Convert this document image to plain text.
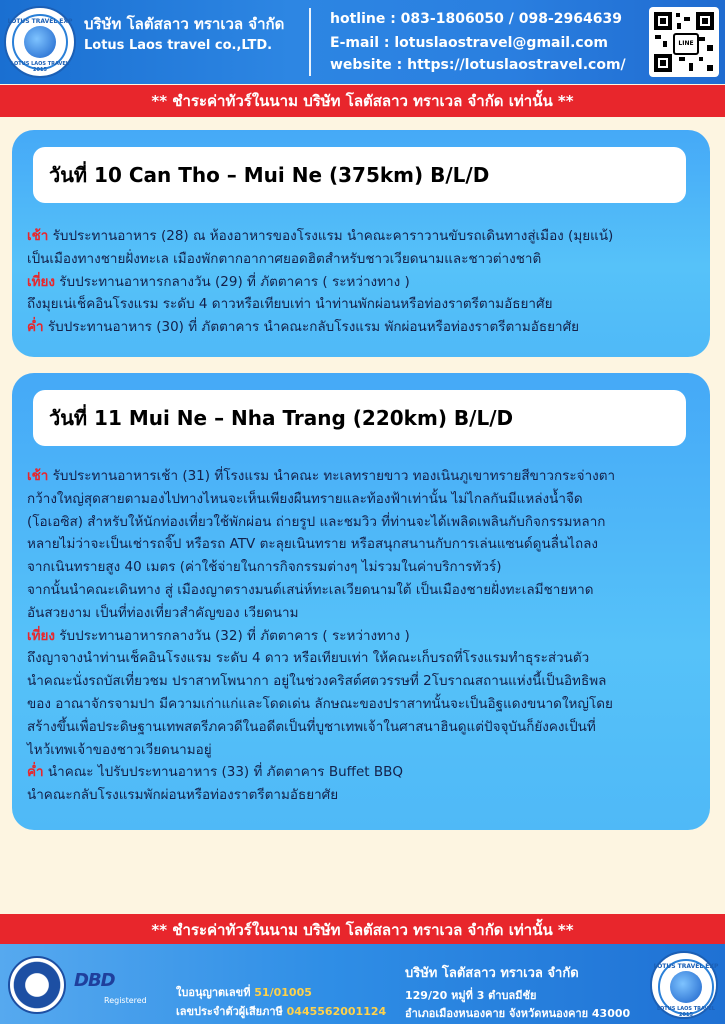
LOTUS TRAVEL EXP
LOTUS LAOS TRAVEL 2015
บริษัท โลตัสลาว ทราเวล จำกัด
Lotus Laos travel co.,LTD.
hotline : 083-1806050 / 098-2964639
E-mail : lotuslaostravel@gmail.com
website : https://lotuslaostravel.com/
LINE
** ชำระค่าทัวร์ในนาม บริษัท โลตัสลาว ทราเวล จำกัด เท่านั้น **
วันที่ 10 Can Tho – Mui Ne (375km) B/L/D

เช้า รับประทานอาหาร (28) ณ ห้องอาหารของโรงแรม นำคณะคาราวานขับรถเดินทางสู่เมือง (มุยแน้)

เป็นเมืองทางชายฝั่งทะเล เมืองพักตากอากาศยอดฮิตสำหรับชาวเวียดนามและชาวต่างชาติ

เที่ยง รับประทานอาหารกลางวัน (29) ที่ ภัตตาคาร ( ระหว่างทาง )

ถึงมุยเน่เช็คอินโรงแรม ระดับ 4 ดาวหรือเทียบเท่า นำท่านพักผ่อนหรือท่องราตรีตามอัธยาศัย

ค่ำ รับประทานอาหาร (30) ที่ ภัตตาคาร นำคณะกลับโรงแรม พักผ่อนหรือท่องราตรีตามอัธยาศัย

วันที่ 11 Mui Ne – Nha Trang (220km) B/L/D

เช้า รับประทานอาหารเช้า (31) ที่โรงแรม นำคณะ ทะเลทรายขาว ทองเนินภูเขาทรายสีขาวกระจ่างตา

กว้างใหญ่สุดสายตามองไปทางไหนจะเห็นเพียงผืนทรายและท้องฟ้าเท่านั้น ไม่ไกลกันมีแหล่งน้ำจืด

(โอเอซิส) สำหรับให้นักท่องเที่ยวใช้พักผ่อน ถ่ายรูป และชมวิว ที่ท่านจะได้เพลิดเพลินกับกิจกรรมหลาก

หลายไม่ว่าจะเป็นเช่ารถจิ๊ป หรือรถ ATV ตะลุยเนินทราย หรือสนุกสนานกับการเล่นแซนด์ดูนลื่นไถลง

จากเนินทรายสูง 40 เมตร (ค่าใช้จ่ายในการกิจกรรมต่างๆ ไม่รวมในค่าบริการทัวร์)

จากนั้นนำคณะเดินทาง สู่ เมืองญาตรางมนต์เสน่ห์ทะเลเวียดนามใต้ เป็นเมืองชายฝั่งทะเลมีชายหาด

อันสวยงาม เป็นที่ท่องเที่ยวสำคัญของ เวียดนาม

เที่ยง รับประทานอาหารกลางวัน (32) ที่ ภัตตาคาร ( ระหว่างทาง )

ถึงญาจางนำท่านเช็คอินโรงแรม ระดับ 4 ดาว หรือเทียบเท่า ให้คณะเก็บรถที่โรงแรมทำธุระส่วนตัว

นำคณะนั่งรถบัสเที่ยวชม ปราสาทโพนากา อยู่ในช่วงคริสต์ศตวรรษที่ 2โบราณสถานแห่งนี้เป็นอิทธิพล

ของ อาณาจักรจามปา มีความเก่าแก่และโดดเด่น ลักษณะของปราสาทนั้นจะเป็นอิฐแดงขนาดใหญ่โดย

สร้างขึ้นเพื่อประดิษฐานเทพสตรีภควดีในอดีตเป็นที่บูชาเทพเจ้าในศาสนาฮินดูแต่ปัจจุบันก็ยังคงเป็นที่

ไหว้เทพเจ้าของชาวเวียดนามอยู่

ค่ำ นำคณะ ไปรับประทานอาหาร (33) ที่ ภัตตาคาร Buffet BBQ

นำคณะกลับโรงแรมพักผ่อนหรือท่องราตรีตามอัธยาศัย

** ชำระค่าทัวร์ในนาม บริษัท โลตัสลาว ทราเวล จำกัด เท่านั้น **
DBD
Registered
ใบอนุญาตเลขที่ 51/01005
เลขประจำตัวผู้เสียภาษี 0445562001124
บริษัท โลตัสลาว ทราเวล จำกัด
129/20 หมู่ที่ 3 ตำบลมีชัย
อำเภอเมืองหนองคาย จังหวัดหนองคาย 43000
LOTUS TRAVEL EXP
LOTUS LAOS TRAVEL 2015
